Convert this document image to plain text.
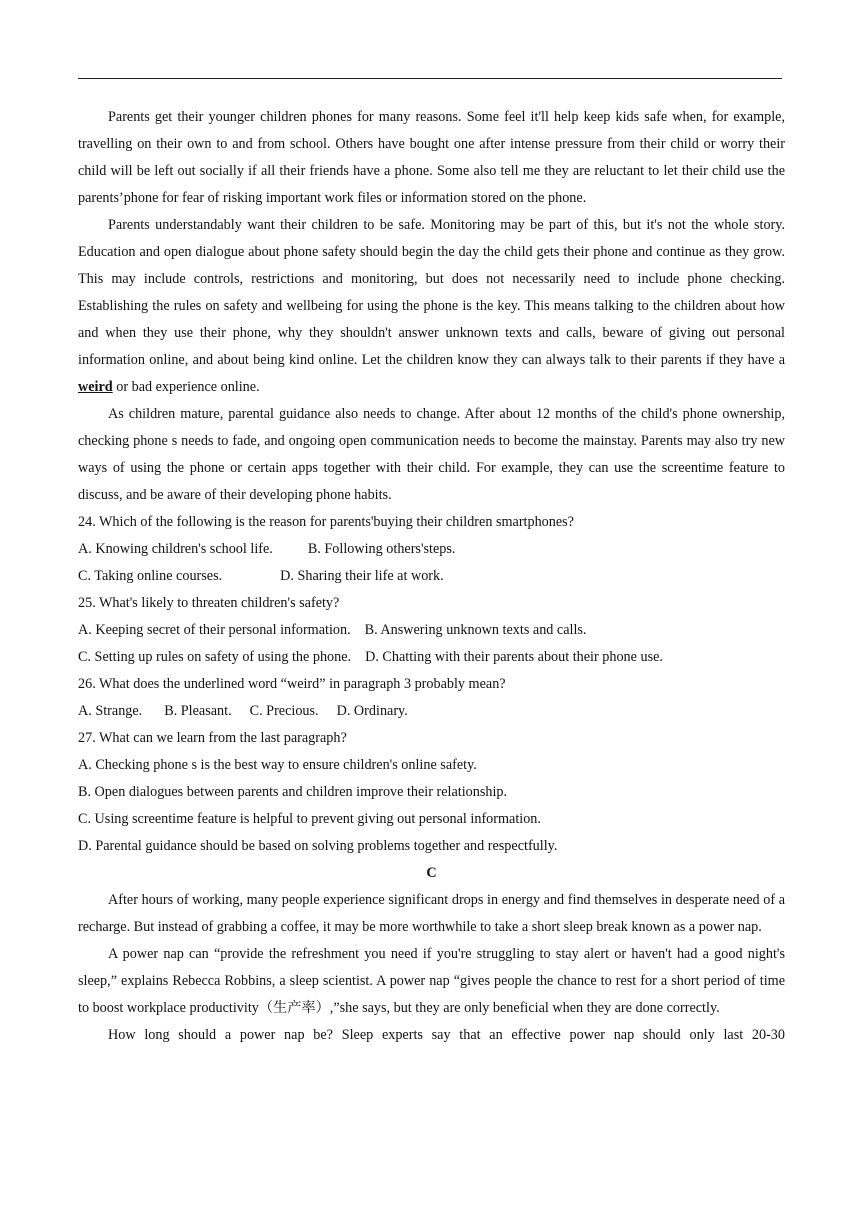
Parents get their younger children phones for many reasons. Some feel it'll help keep kids safe when, for example, travelling on their own to and from school. Others have bought one after intense pressure from their child or worry their child will be left out socially if all their friends have a phone. Some also tell me they are reluctant to let their child use the parents’phone for fear of risking important work files or information stored on the phone.

Parents understandably want their children to be safe. Monitoring may be part of this, but it's not the whole story. Education and open dialogue about phone safety should begin the day the child gets their phone and continue as they grow. This may include controls, restrictions and monitoring, but does not necessarily need to include phone checking. Establishing the rules on safety and wellbeing for using the phone is the key. This means talking to the children about how and when they use their phone, why they shouldn't answer unknown texts and calls, beware of giving out personal information online, and about being kind online. Let the children know they can always talk to their parents if they have a weird or bad experience online.

As children mature, parental guidance also needs to change. After about 12 months of the child's phone ownership, checking phone s needs to fade, and ongoing open communication needs to become the mainstay. Parents may also try new ways of using the phone or certain apps together with their child. For example, they can use the screentime feature to discuss, and be aware of their developing phone habits.

24. Which of the following is the reason for parents'buying their children smartphones?

A. Knowing children's school life. B. Following others'steps.

C. Taking online courses.	D. Sharing their life at work.

25. What's likely to threaten children's safety?

A. Keeping secret of their personal information. B. Answering unknown texts and calls.

C. Setting up rules on safety of using the phone. D. Chatting with their parents about their phone use.

26. What does the underlined word “weird” in paragraph 3 probably mean?

A. Strange. B. Pleasant. C. Precious. D. Ordinary.

27. What can we learn from the last paragraph?

A. Checking phone s is the best way to ensure children's online safety.

B. Open dialogues between parents and children improve their relationship.

C. Using screentime feature is helpful to prevent giving out personal information.

D. Parental guidance should be based on solving problems together and respectfully.

C

After hours of working, many people experience significant drops in energy and find themselves in desperate need of a recharge. But instead of grabbing a coffee, it may be more worthwhile to take a short sleep break known as a power nap.

A power nap can “provide the refreshment you need if you're struggling to stay alert or haven't had a good night's sleep,” explains Rebecca Robbins, a sleep scientist. A power nap “gives people the chance to rest for a short period of time to boost workplace productivity（生产率）,”she says, but they are only beneficial when they are done correctly.

How long should a power nap be? Sleep experts say that an effective power nap should only last 20-30
